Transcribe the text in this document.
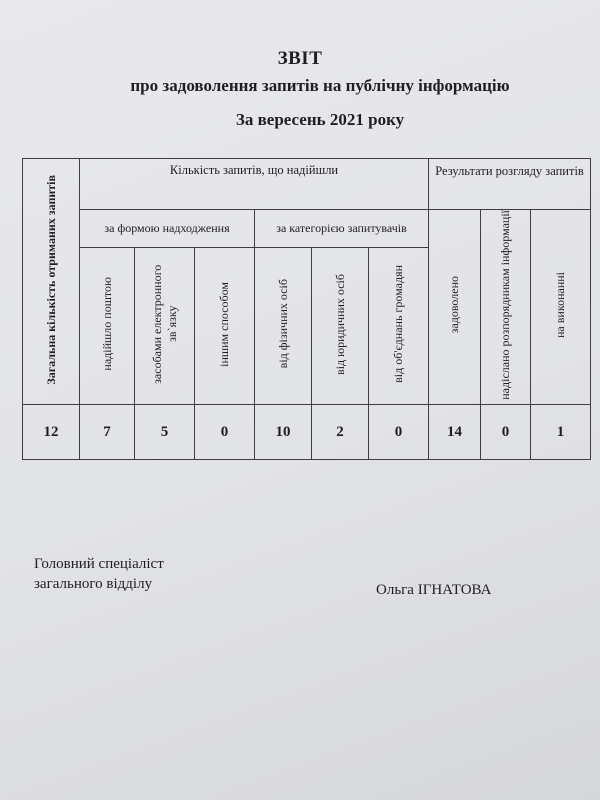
ЗВІТ
про задоволення запитів на публічну інформацію
За вересень 2021 року
Загальна кількість отриманих запитів	Кількість запитів, що надійшли						Результати розгляду запитів		
	за формою надходження			за категорією запитувачів			задоволено	надіслано розпорядникам інформації	на виконанні
	надійшло поштою	засобами електронного зв`язку	іншим способом	від фізичних осіб	від юридичних осіб	від об'єднань громадян			
12	7	5	0	10	2	0	14	0	1
Головний спеціаліст
загального відділу	Ольга ІГНАТОВА
